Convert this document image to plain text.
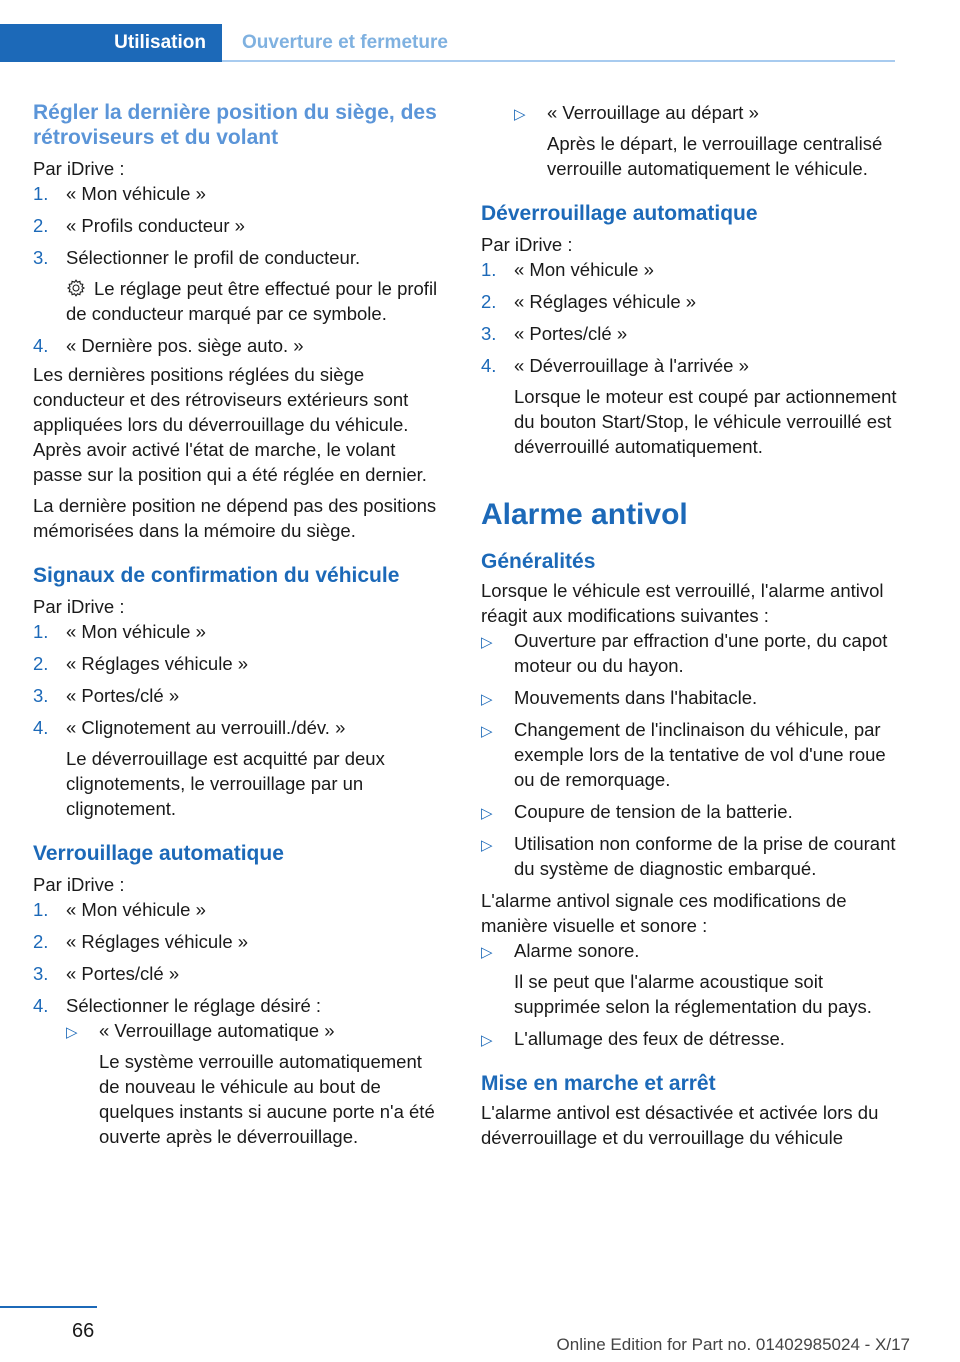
Utilisation	Ouverture et fermeture
Régler la dernière position du siège, des rétroviseurs et du volant

Par iDrive :

1. « Mon véhicule »
2. « Profils conducteur »
3. Sélectionner le profil de conducteur.
Le réglage peut être effectué pour le profil de conducteur marqué par ce symbole.
4. « Dernière pos. siège auto. »

Les dernières positions réglées du siège conducteur et des rétroviseurs extérieurs sont appliquées lors du déverrouillage du véhicule. Après avoir activé l'état de marche, le volant passe sur la position qui a été réglée en dernier.

La dernière position ne dépend pas des positions mémorisées dans la mémoire du siège.

Signaux de confirmation du véhicule

Par iDrive :

1. « Mon véhicule »
2. « Réglages véhicule »
3. « Portes/clé »
4. « Clignotement au verrouill./dév. »
Le déverrouillage est acquitté par deux clignotements, le verrouillage par un clignotement.
Verrouillage automatique

Par iDrive :

1. « Mon véhicule »
2. « Réglages véhicule »
3. « Portes/clé »
4. Sélectionner le réglage désiré :
▷ « Verrouillage automatique »
Le système verrouille automatiquement de nouveau le véhicule au bout de quelques instants si aucune porte n'a été ouverte après le déverrouillage.
▷ « Verrouillage au départ »
Après le départ, le verrouillage centralisé verrouille automatiquement le véhicule.
Déverrouillage automatique

Par iDrive :

1. « Mon véhicule »
2. « Réglages véhicule »
3. « Portes/clé »
4. « Déverrouillage à l'arrivée »
Lorsque le moteur est coupé par actionnement du bouton Start/Stop, le véhicule verrouillé est déverrouillé automatiquement.
Alarme antivol
Généralités

Lorsque le véhicule est verrouillé, l'alarme antivol réagit aux modifications suivantes :

▷ Ouverture par effraction d'une porte, du capot moteur ou du hayon.
▷ Mouvements dans l'habitacle.
▷ Changement de l'inclinaison du véhicule, par exemple lors de la tentative de vol d'une roue ou de remorquage.
▷ Coupure de tension de la batterie.
▷ Utilisation non conforme de la prise de courant du système de diagnostic embarqué.

L'alarme antivol signale ces modifications de manière visuelle et sonore :

▷ Alarme sonore.
Il se peut que l'alarme acoustique soit supprimée selon la réglementation du pays.
▷ L'allumage des feux de détresse.
Mise en marche et arrêt

L'alarme antivol est désactivée et activée lors du déverrouillage et du verrouillage du véhicule

66
Online Edition for Part no. 01402985024 - X/17
